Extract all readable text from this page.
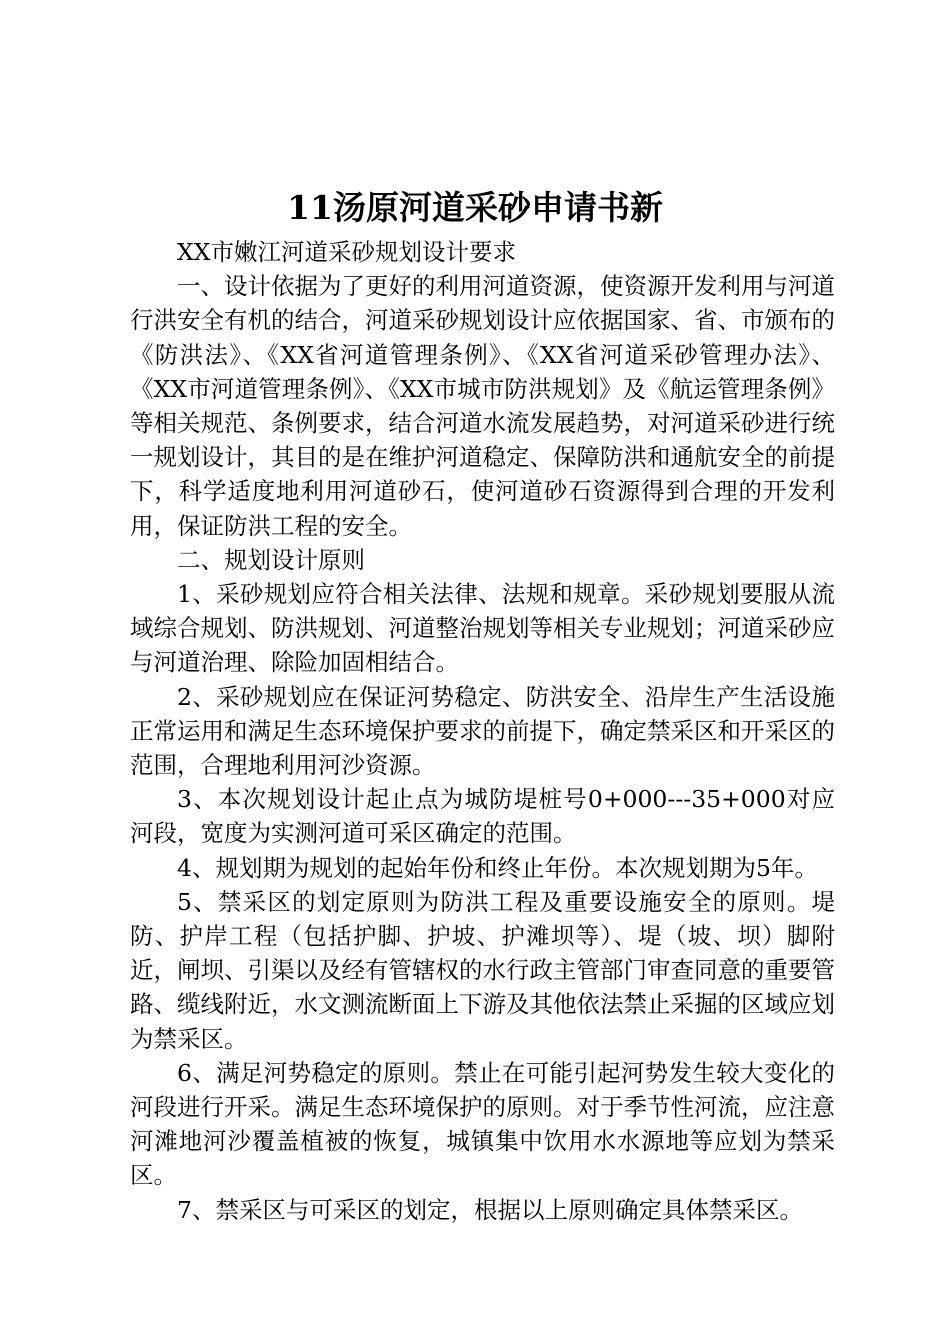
11汤原河道采砂申请书新

XX市嫩江河道采砂规划设计要求

一、设计依据为了更好的利用河道资源，使资源开发利用与河道行洪安全有机的结合，河道采砂规划设计应依据国家、省、市颁布的《防洪法》、《XX省河道管理条例》、《XX省河道采砂管理办法》、《XX市河道管理条例》、《XX市城市防洪规划》及《航运管理条例》等相关规范、条例要求，结合河道水流发展趋势，对河道采砂进行统一规划设计，其目的是在维护河道稳定、保障防洪和通航安全的前提下，科学适度地利用河道砂石，使河道砂石资源得到合理的开发利用，保证防洪工程的安全。

二、规划设计原则

1、采砂规划应符合相关法律、法规和规章。采砂规划要服从流域综合规划、防洪规划、河道整治规划等相关专业规划；河道采砂应与河道治理、除险加固相结合。

2、采砂规划应在保证河势稳定、防洪安全、沿岸生产生活设施正常运用和满足生态环境保护要求的前提下，确定禁采区和开采区的范围，合理地利用河沙资源。

3、本次规划设计起止点为城防堤桩号0+000---35+000对应河段，宽度为实测河道可采区确定的范围。

4、规划期为规划的起始年份和终止年份。本次规划期为5年。

5、禁采区的划定原则为防洪工程及重要设施安全的原则。堤防、护岸工程（包括护脚、护坡、护滩坝等）、堤（坡、坝）脚附近，闸坝、引渠以及经有管辖权的水行政主管部门审查同意的重要管路、缆线附近，水文测流断面上下游及其他依法禁止采掘的区域应划为禁采区。

6、满足河势稳定的原则。禁止在可能引起河势发生较大变化的河段进行开采。满足生态环境保护的原则。对于季节性河流，应注意河滩地河沙覆盖植被的恢复，城镇集中饮用水水源地等应划为禁采区。

7、禁采区与可采区的划定，根据以上原则确定具体禁采区。
